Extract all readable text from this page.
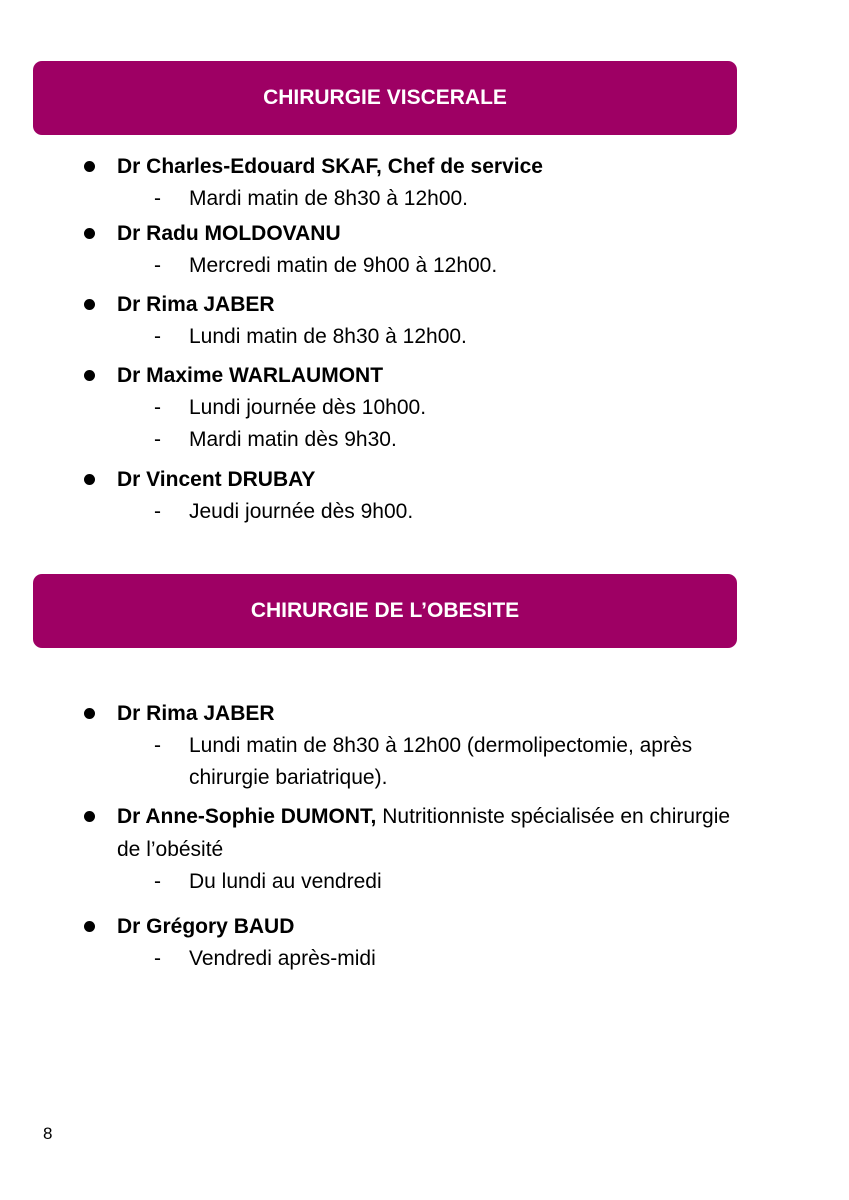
CHIRURGIE VISCERALE
Dr Charles-Edouard SKAF, Chef de service
- Mardi matin de 8h30 à 12h00.
Dr Radu MOLDOVANU
- Mercredi matin de 9h00 à 12h00.
Dr Rima JABER
- Lundi matin de 8h30 à 12h00.
Dr Maxime WARLAUMONT
- Lundi journée dès 10h00.
- Mardi matin dès 9h30.
Dr Vincent DRUBAY
- Jeudi journée dès 9h00.
CHIRURGIE DE L’OBESITE
Dr Rima JABER
- Lundi matin de 8h30 à 12h00 (dermolipectomie, après chirurgie bariatrique).
Dr Anne-Sophie DUMONT, Nutritionniste spécialisée en chirurgie de l’obésité
- Du lundi au vendredi
Dr Grégory BAUD
- Vendredi après-midi
8
